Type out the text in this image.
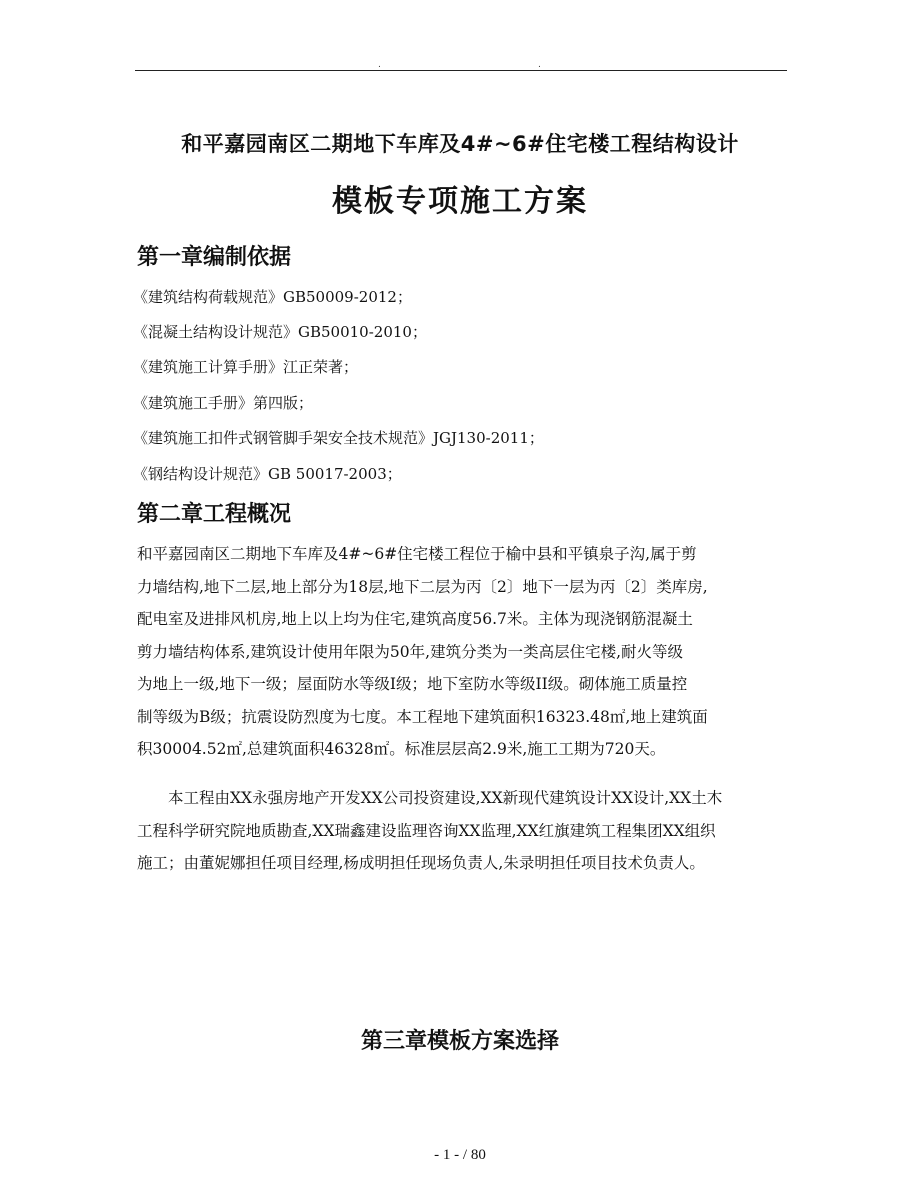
.	.
和平嘉园南区二期地下车库及4#~6#住宅楼工程结构设计
模板专项施工方案
第一章编制依据
《建筑结构荷载规范》GB50009-2012；
《混凝土结构设计规范》GB50010-2010；
《建筑施工计算手册》江正荣著；
《建筑施工手册》第四版；
《建筑施工扣件式钢管脚手架安全技术规范》JGJ130-2011；
《钢结构设计规范》GB 50017-2003；
第二章工程概况
和平嘉园南区二期地下车库及4#~6#住宅楼工程位于榆中县和平镇泉子沟,属于剪
力墙结构,地下二层,地上部分为18层,地下二层为丙〔2〕地下一层为丙〔2〕类库房,
配电室及进排风机房,地上以上均为住宅,建筑高度56.7米。主体为现浇钢筋混凝土
剪力墙结构体系,建筑设计使用年限为50年,建筑分类为一类高层住宅楼,耐火等级
为地上一级,地下一级；屋面防水等级I级；地下室防水等级II级。砌体施工质量控
制等级为B级；抗震设防烈度为七度。本工程地下建筑面积16323.48㎡,地上建筑面
积30004.52㎡,总建筑面积46328㎡。标准层层高2.9米,施工工期为720天。
　　本工程由XX永强房地产开发XX公司投资建设,XX新现代建筑设计XX设计,XX土木
工程科学研究院地质勘查,XX瑞鑫建设监理咨询XX监理,XX红旗建筑工程集团XX组织
施工；由董妮娜担任项目经理,杨成明担任现场负责人,朱录明担任项目技术负责人。
第三章模板方案选择
- 1 - / 80
